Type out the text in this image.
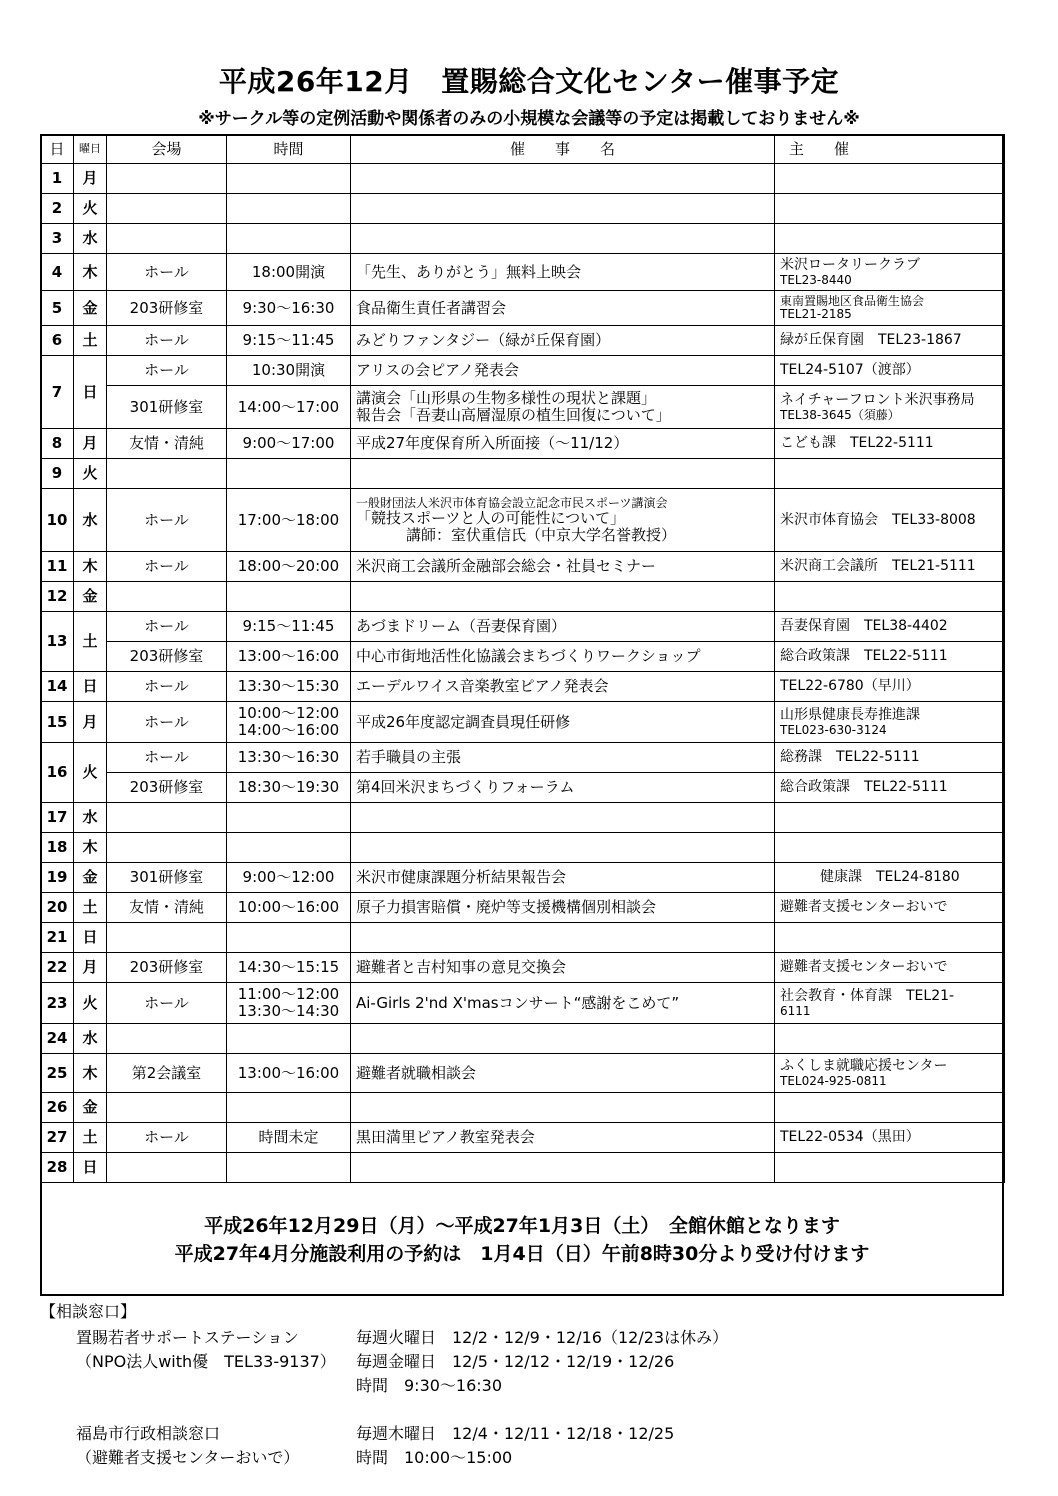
平成26年12月　置賜総合文化センター催事予定
※サークル等の定例活動や関係者のみの小規模な会議等の予定は掲載しておりません※
日	曜日	会場	時間	催　　事　　名	主　　催
1	月				
2	火				
3	水				
4	木	ホール	18:00開演	「先生、ありがとう」無料上映会	米沢ロータリークラブ
TEL23-8440

5	金	203研修室	9:30～16:30	食品衛生責任者講習会	東南置賜地区食品衛生協会
TEL21-2185

6	土	ホール	9:15～11:45	みどりファンタジー（緑が丘保育園）	緑が丘保育園　TEL23-1867

7	日	ホール	10:30開演	アリスの会ピアノ発表会	TEL24-5107（渡部）

		301研修室	14:00～17:00	講演会「山形県の生物多様性の現状と課題」
報告会「吾妻山高層湿原の植生回復について」	ネイチャーフロント米沢事務局
TEL38-3645（須藤）

8	月	友情・清純	9:00～17:00	平成27年度保育所入所面接（～11/12）	こども課　TEL22-5111

9	火				
10	水	ホール	17:00～18:00	一般財団法人米沢市体育協会設立記念市民スポーツ講演会
「競技スポーツと人の可能性について」
講師：室伏重信氏（中京大学名誉教授）	米沢市体育協会　TEL33-8008

11	木	ホール	18:00～20:00	米沢商工会議所金融部会総会・社員セミナー	米沢商工会議所　TEL21-5111

12	金				
13	土	ホール	9:15～11:45	あづまドリーム（吾妻保育園）	吾妻保育園　TEL38-4402

		203研修室	13:00～16:00	中心市街地活性化協議会まちづくりワークショップ	総合政策課　TEL22-5111

14	日	ホール	13:30～15:30	エーデルワイス音楽教室ピアノ発表会	TEL22-6780（早川）

15	月	ホール	10:00～12:00
14:00～16:00	平成26年度認定調査員現任研修	山形県健康長寿推進課
TEL023-630-3124

16	火	ホール	13:30～16:30	若手職員の主張	総務課　TEL22-5111

		203研修室	18:30～19:30	第4回米沢まちづくりフォーラム	総合政策課　TEL22-5111

17	水				
18	木				
19	金	301研修室	9:00～12:00	米沢市健康課題分析結果報告会	健康課　TEL24-8180

20	土	友情・清純	10:00～16:00	原子力損害賠償・廃炉等支援機構個別相談会	避難者支援センターおいで

21	日				
22	月	203研修室	14:30～15:15	避難者と吉村知事の意見交換会	避難者支援センターおいで

23	火	ホール	11:00～12:00
13:30～14:30	Ai-Girls 2'nd X'masコンサート“感謝をこめて”	社会教育・体育課　TEL21-
6111

24	水				
25	木	第2会議室	13:00～16:00	避難者就職相談会	ふくしま就職応援センター
TEL024-925-0811

26	金				
27	土	ホール	時間未定	黒田満里ピアノ教室発表会	TEL22-0534（黒田）

28	日				
平成26年12月29日（月）～平成27年1月3日（土）　全館休館となります
平成27年4月分施設利用の予約は　1月4日（日）午前8時30分より受け付けます
【相談窓口】
置賜若者サポートステーション
（NPO法人with優　TEL33-9137）
毎週火曜日　12/2・12/9・12/16（12/23は休み）
毎週金曜日　12/5・12/12・12/19・12/26
時間　9:30～16:30
福島市行政相談窓口
（避難者支援センターおいで）
毎週木曜日　12/4・12/11・12/18・12/25
時間　10:00～15:00
